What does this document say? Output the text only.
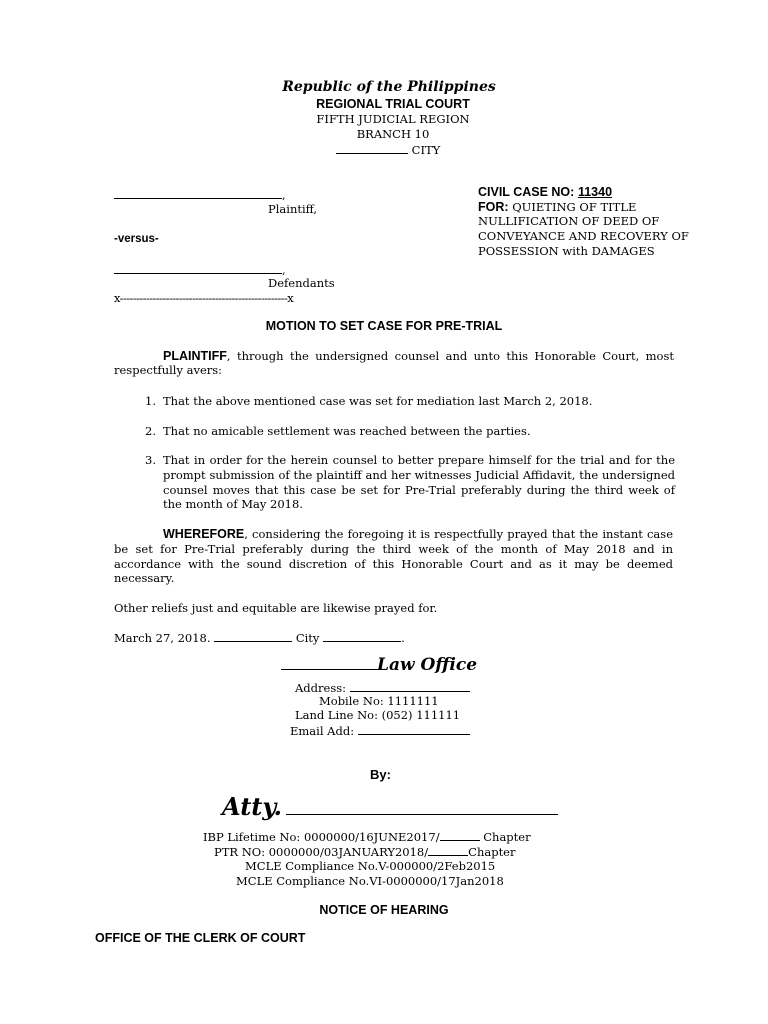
Republic of the Philippines
REGIONAL TRIAL COURT
FIFTH JUDICIAL REGION
BRANCH 10
CITY
,
Plaintiff,
-versus-
,
Defendants
x---------------------------------------------------x
CIVIL CASE NO: 11340
FOR: QUIETING OF TITLE
NULLIFICATION OF DEED OF
CONVEYANCE AND RECOVERY OF
POSSESSION with DAMAGES
MOTION TO SET CASE FOR PRE-TRIAL
PLAINTIFF, through the undersigned counsel and unto this Honorable Court, most respectfully avers:
1. That the above mentioned case was set for mediation last March 2, 2018.
2. That no amicable settlement was reached between the parties.
3. That in order for the herein counsel to better prepare himself for the trial and for the prompt submission of the plaintiff and her witnesses Judicial Affidavit, the undersigned counsel moves that this case be set for Pre-Trial preferably during the third week of the month of May 2018.
WHEREFORE, considering the foregoing it is respectfully prayed that the instant case be set for Pre-Trial preferably during the third week of the month of May 2018 and in accordance with the sound discretion of this Honorable Court and as it may be deemed necessary.
Other reliefs just and equitable are likewise prayed for.
March 27, 2018.	City	.
Law Office
Address:
Mobile No: 1111111
Land Line No: (052) 111111
Email Add:
By:
Atty.
IBP Lifetime No: 0000000/16JUNE2017/	Chapter
PTR NO: 0000000/03JANUARY2018/	Chapter
MCLE Compliance No.V-000000/2Feb2015
MCLE Compliance No.VI-0000000/17Jan2018
NOTICE OF HEARING
OFFICE OF THE CLERK OF COURT
